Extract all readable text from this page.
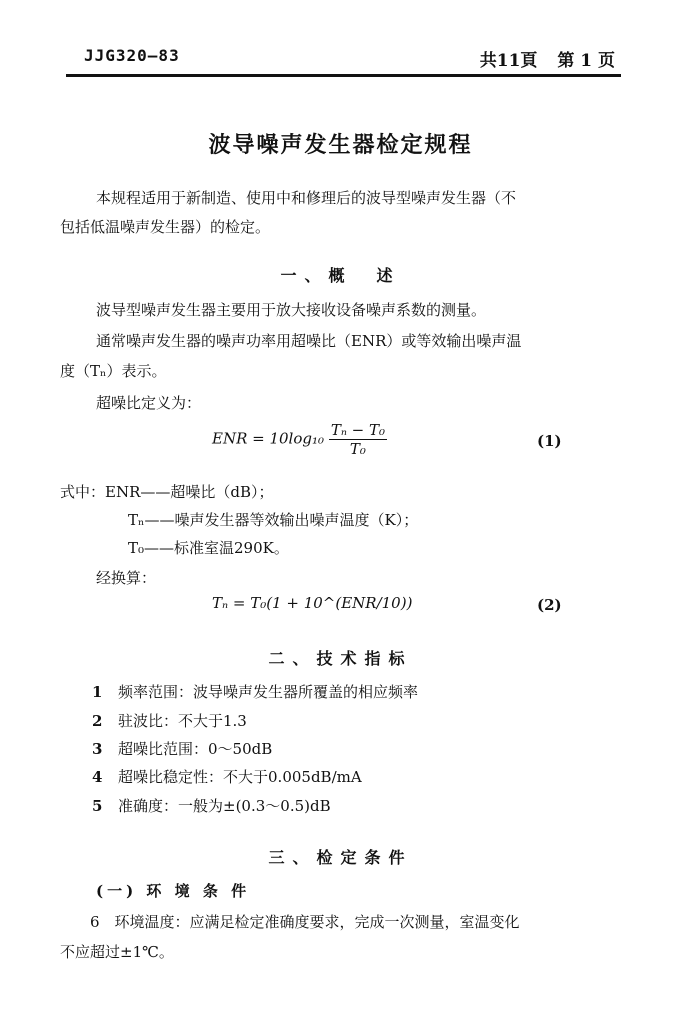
JJG320—83	共11頁 第 1 页
波导噪声发生器检定规程
本规程适用于新制造、使用中和修理后的波导型噪声发生器（不
包括低温噪声发生器）的检定。
一、概　述
波导型噪声发生器主要用于放大接收设备噪声系数的测量。
通常噪声发生器的噪声功率用超噪比（ENR）或等效输出噪声温
度（Tₙ）表示。
超噪比定义为：
ENR = $10\log_{10} \frac{\text{Tₙ − T₀}}{\text{T₀}}$	(1)
式中：ENR——超噪比（dB）；
Tₙ——噪声发生器等效输出噪声温度（K）；
T₀——标准室温290K。
经换算：
Tₙ = T₀(1 + 10^(ENR/10))	(2)
二、技术指标
1 频率范围：波导噪声发生器所覆盖的相应频率
2 驻波比：不大于1.3
3 超噪比范围：0～50dB
4 超噪比稳定性：不大于0.005dB/mA
5 准确度：一般为±(0.3～0.5)dB
三、检定条件
(一) 环 境 条 件
6　环境温度：应满足检定准确度要求，完成一次测量，室温变化
不应超过±1℃。
